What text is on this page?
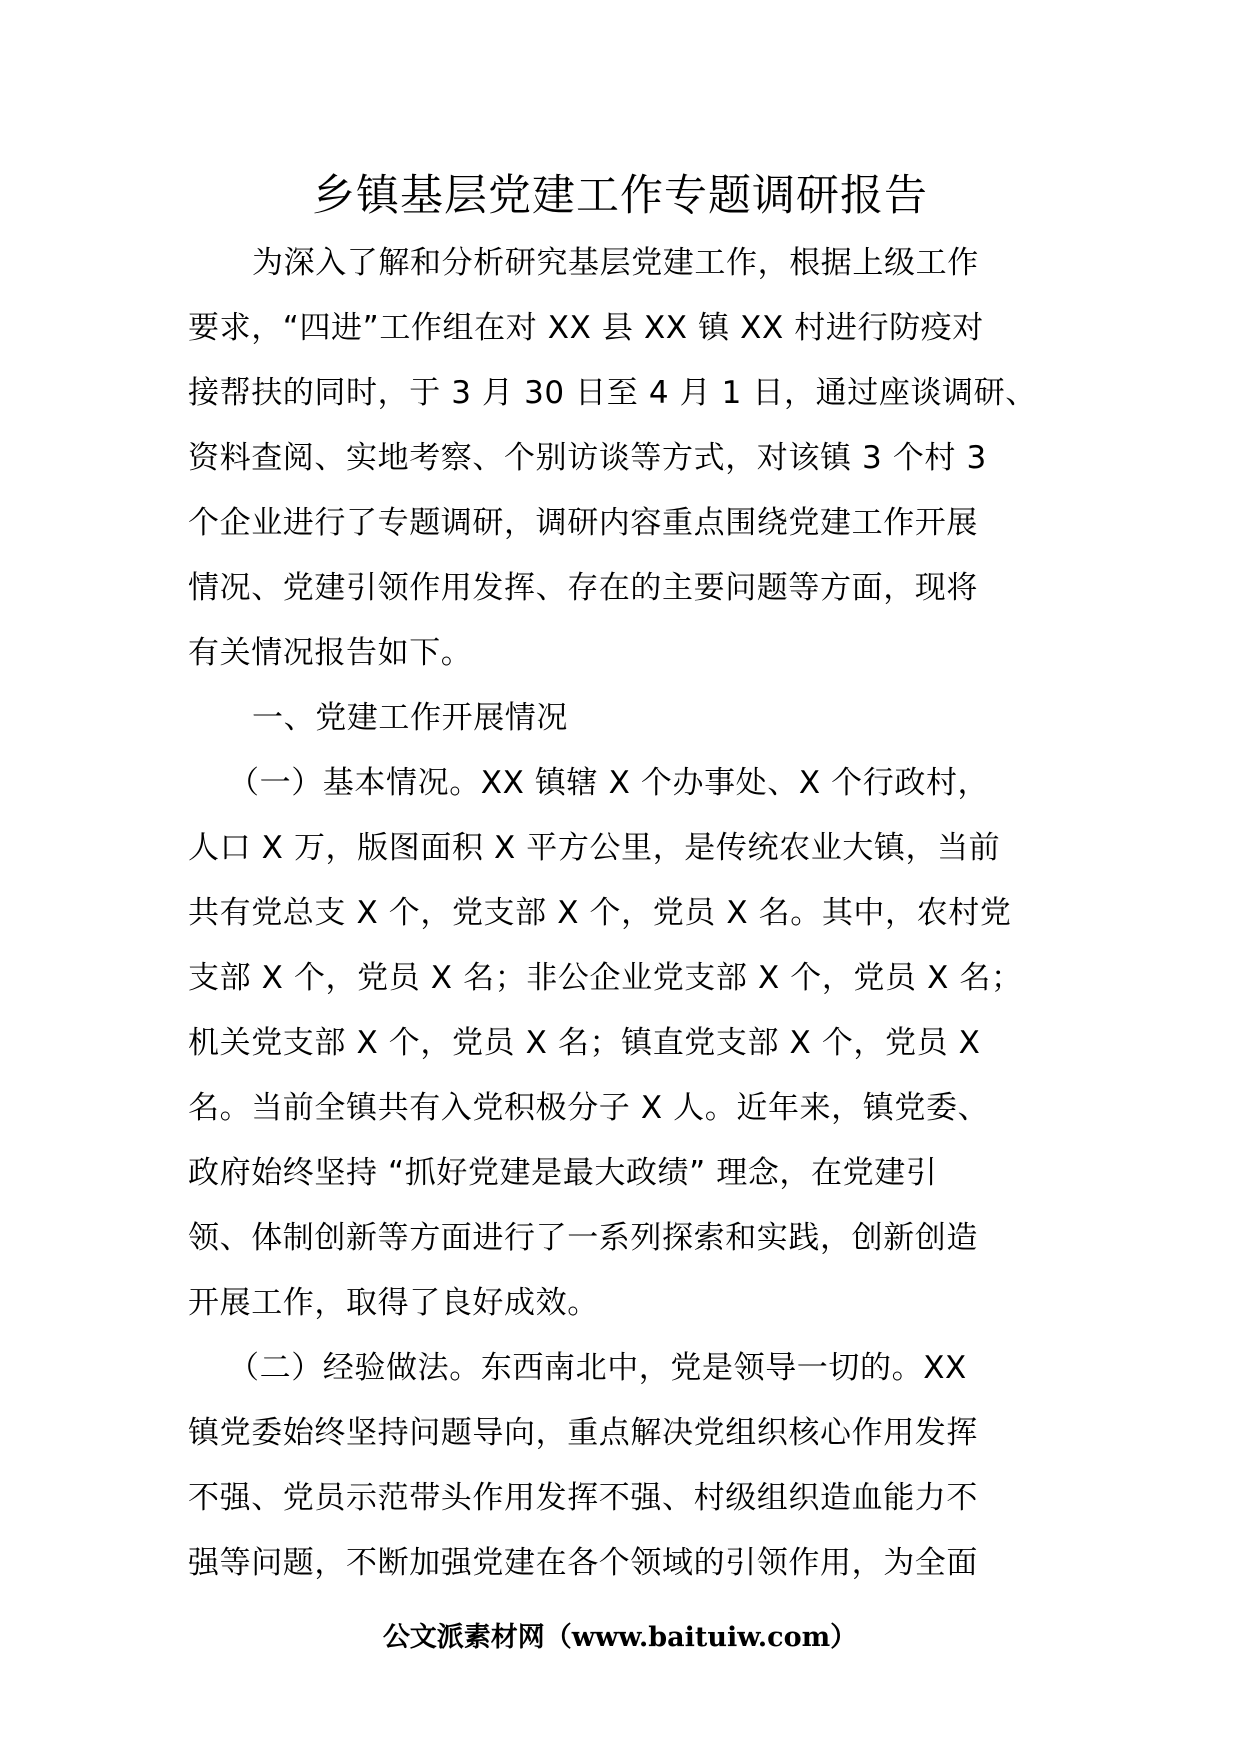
乡镇基层党建工作专题调研报告
为深入了解和分析研究基层党建工作，根据上级工作
要求，“四进”工作组在对 XX 县 XX 镇 XX 村进行防疫对
接帮扶的同时，于 3 月 30 日至 4 月 1 日，通过座谈调研、
资料查阅、实地考察、个别访谈等方式，对该镇 3 个村 3
个企业进行了专题调研，调研内容重点围绕党建工作开展
情况、党建引领作用发挥、存在的主要问题等方面，现将
有关情况报告如下。
一、党建工作开展情况
（一）基本情况。XX 镇辖 X 个办事处、X 个行政村，
人口 X 万，版图面积 X 平方公里，是传统农业大镇，当前
共有党总支 X 个，党支部 X 个，党员 X 名。其中，农村党
支部 X 个，党员 X 名；非公企业党支部 X 个，党员 X 名；
机关党支部 X 个，党员 X 名；镇直党支部 X 个，党员 X
名。当前全镇共有入党积极分子 X 人。近年来，镇党委、
政府始终坚持 “抓好党建是最大政绩” 理念，在党建引
领、体制创新等方面进行了一系列探索和实践，创新创造
开展工作，取得了良好成效。
（二）经验做法。东西南北中，党是领导一切的。XX
镇党委始终坚持问题导向，重点解决党组织核心作用发挥
不强、党员示范带头作用发挥不强、村级组织造血能力不
强等问题，不断加强党建在各个领域的引领作用，为全面
公文派素材网（www.baituiw.com）
